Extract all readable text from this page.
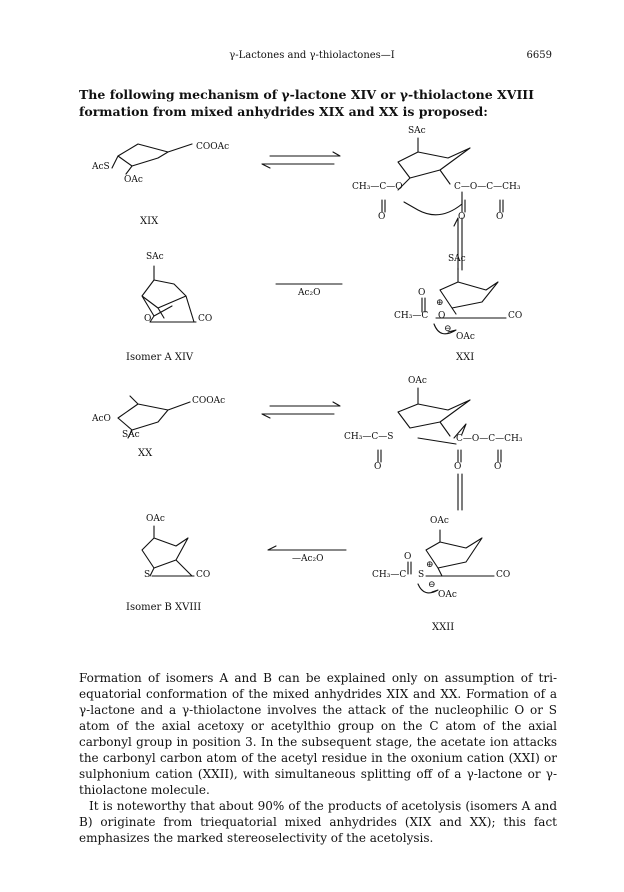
γ-Lactones and γ-thiolactones—I	6659
The following mechanism of γ-lactone XIV or γ-thiolactone XVIII formation from mixed anhydrides XIX and XX is proposed:
COOAc
AcS
OAc
XIX
SAc
CH₃—C—O	C—O—C—CH₃
O	O	O
SAc
O	CO
Isomer A XIV
Ac₂O
SAc
O
⊕
CH₃—C O	CO
⊖
OAc
XXI
COOAc
AcO
SAc
XX
OAc
CH₃—C—S	C—O—C—CH₃
O	O	O
OAc
S	CO
Isomer B XVIII
—Ac₂O
OAc
O
⊕
CH₃—C S	CO
⊖
OAc
XXII

Formation of isomers A and B can be explained only on assumption of tri-equatorial conformation of the mixed anhydrides XIX and XX. Formation of a γ-lactone and a γ-thiolactone involves the attack of the nucleophilic O or S atom of the axial acetoxy or acetylthio group on the C atom of the axial carbonyl group in position 3. In the subsequent stage, the acetate ion attacks the carbonyl carbon atom of the acetyl residue in the oxonium cation (XXI) or sulphonium cation (XXII), with simultaneous splitting off of a γ-lactone or γ-thiolactone molecule.

It is noteworthy that about 90% of the products of acetolysis (isomers A and B) originate from triequatorial mixed anhydrides (XIX and XX); this fact emphasizes the marked stereoselectivity of the acetolysis.
